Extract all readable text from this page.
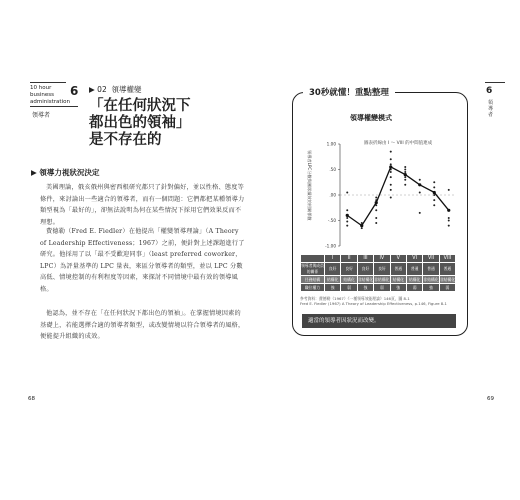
10 hour
business
administration
6
領導者
▶ 02 領導權變
「在任何狀況下
都出色的領袖」
是不存在的
▶ 領導力視狀況決定
美國理論，俄亥俄州與密西根研究都只了針對偏好，並以性格、態度等條件，來討論出一些適合的領導者，而有一個問題：它們都把某種領導力類型視為「最好的」，卻無法說明為何在某些情況下採用它們效果反而不理想。
費德勒（Fred E. Fiedler）在他提出「權變領導理論」（A Theory of Leadership Effectiveness；1967）之前，便針對上述課題進行了研究。他採用了以「最不受歡迎同事」（least preferred coworker，LPC）為評量基準的 LPC 量表，來區分領導者的類型，並以 LPC 分數高低、情境控制的有利程度等因素，來探討不同情境中最有效的領導風格。
他認為，並不存在「在任何狀況下都出色的領袖」。在掌握情境因素的基礎上，若能選擇合適的領導者類型，或改變情境以符合領導者的風格，便能提升組織的成效。
68
6
領導者
30秒就懂！重點整理
領導權變模式
圖表折線由 I ～ VIII 的中間值連成
領導者LPC分數與團隊績效的相關係數
-1.00
-.50
.00
.50
1.00
	I	II	III	IV	V	VI	VII	VIII
領導者與成員的關係	良好	良好	良好	良好	普通	普通	普通	普通
任務結構	結構化	結構化	非結構化	非結構化	結構化	結構化	非結構化	非結構化
職位權力	強	弱	強	弱	強	弱	強	弱
參考資料：費德勒（1967）《一種領導效能理論》146頁，圖 8-1
Fred E. Fiedler (1967) A Theory of Leadership Effectiveness, p.146, Figure 8-1
適當的領導者因狀況而改變。
69
